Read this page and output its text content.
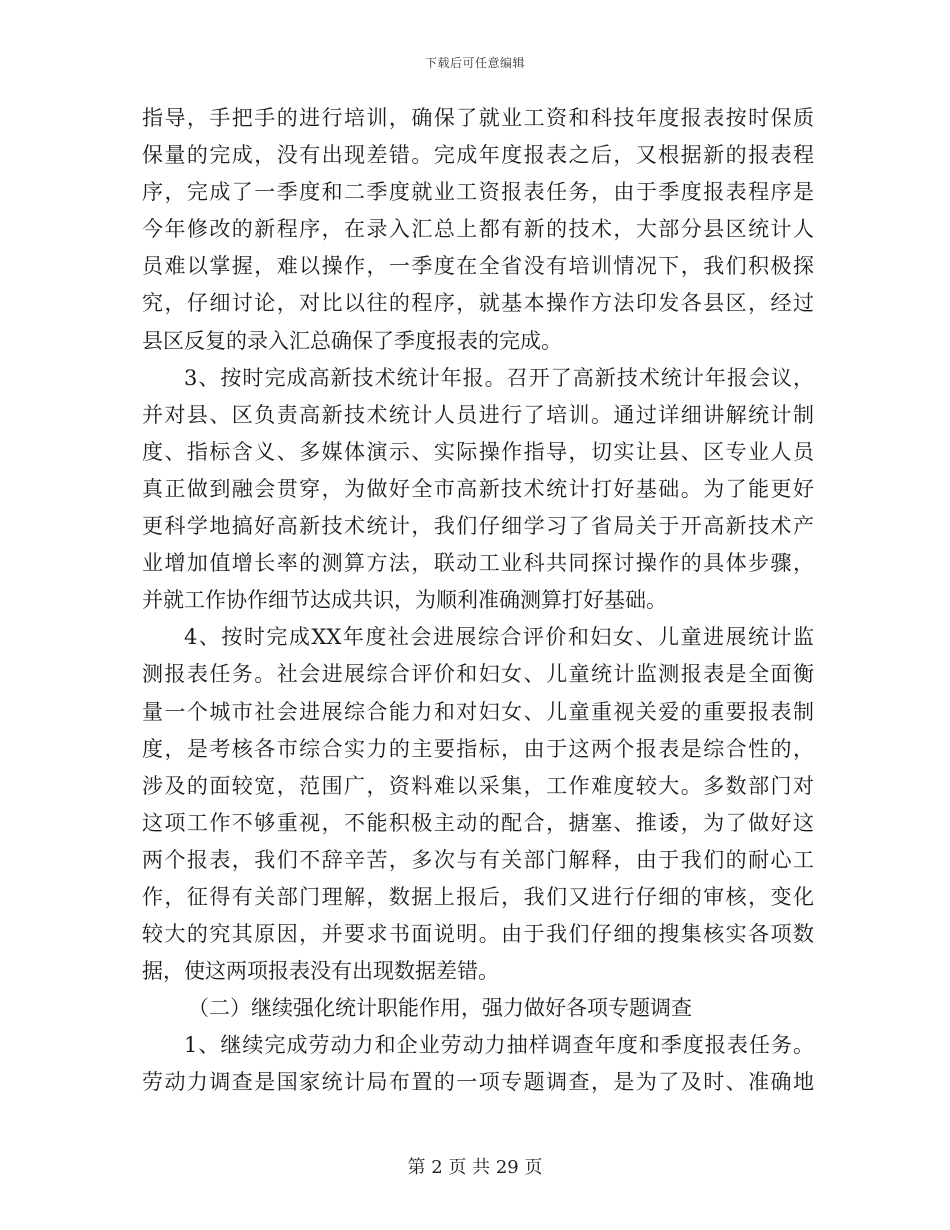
下载后可任意编辑
指导，手把手的进行培训，确保了就业工资和科技年度报表按时保质
保量的完成，没有出现差错。完成年度报表之后，又根据新的报表程
序，完成了一季度和二季度就业工资报表任务，由于季度报表程序是
今年修改的新程序，在录入汇总上都有新的技术，大部分县区统计人
员难以掌握，难以操作，一季度在全省没有培训情况下，我们积极探
究，仔细讨论，对比以往的程序，就基本操作方法印发各县区，经过
县区反复的录入汇总确保了季度报表的完成。
3、按时完成高新技术统计年报。召开了高新技术统计年报会议，
并对县、区负责高新技术统计人员进行了培训。通过详细讲解统计制
度、指标含义、多媒体演示、实际操作指导，切实让县、区专业人员
真正做到融会贯穿，为做好全市高新技术统计打好基础。为了能更好
更科学地搞好高新技术统计，我们仔细学习了省局关于开高新技术产
业增加值增长率的测算方法，联动工业科共同探讨操作的具体步骤，
并就工作协作细节达成共识，为顺利准确测算打好基础。
4、按时完成XX年度社会进展综合评价和妇女、儿童进展统计监
测报表任务。社会进展综合评价和妇女、儿童统计监测报表是全面衡
量一个城市社会进展综合能力和对妇女、儿童重视关爱的重要报表制
度，是考核各市综合实力的主要指标，由于这两个报表是综合性的，
涉及的面较宽，范围广，资料难以采集，工作难度较大。多数部门对
这项工作不够重视，不能积极主动的配合，搪塞、推诿，为了做好这
两个报表，我们不辞辛苦，多次与有关部门解释，由于我们的耐心工
作，征得有关部门理解，数据上报后，我们又进行仔细的审核，变化
较大的究其原因，并要求书面说明。由于我们仔细的搜集核实各项数
据，使这两项报表没有出现数据差错。
（二）继续强化统计职能作用，强力做好各项专题调查
1、继续完成劳动力和企业劳动力抽样调查年度和季度报表任务。
劳动力调查是国家统计局布置的一项专题调查，是为了及时、准确地
第 2 页 共 29 页
